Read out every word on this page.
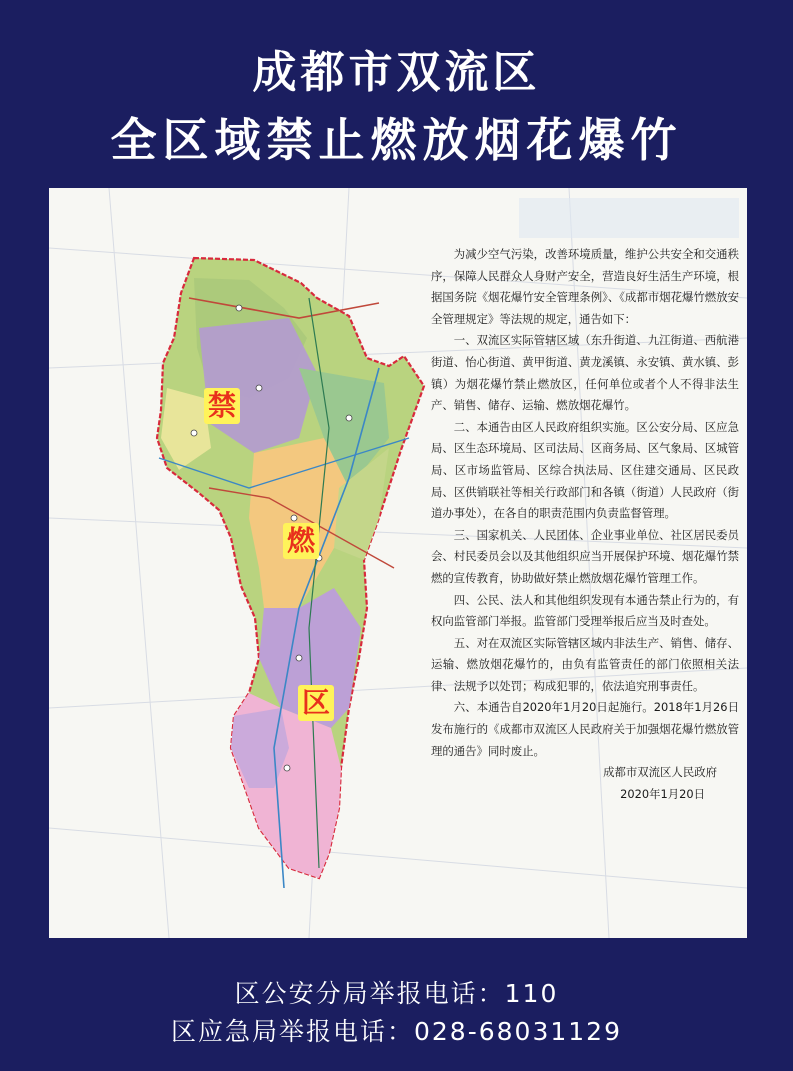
成都市双流区
全区域禁止燃放烟花爆竹
禁
燃
区

为减少空气污染，改善环境质量，维护公共安全和交通秩序，保障人民群众人身财产安全，营造良好生活生产环境，根据国务院《烟花爆竹安全管理条例》、《成都市烟花爆竹燃放安全管理规定》等法规的规定，通告如下：

一、双流区实际管辖区域（东升街道、九江街道、西航港街道、怡心街道、黄甲街道、黄龙溪镇、永安镇、黄水镇、彭镇）为烟花爆竹禁止燃放区，任何单位或者个人不得非法生产、销售、储存、运输、燃放烟花爆竹。

二、本通告由区人民政府组织实施。区公安分局、区应急局、区生态环境局、区司法局、区商务局、区气象局、区城管局、区市场监管局、区综合执法局、区住建交通局、区民政局、区供销联社等相关行政部门和各镇（街道）人民政府（街道办事处），在各自的职责范围内负责监督管理。

三、国家机关、人民团体、企业事业单位、社区居民委员会、村民委员会以及其他组织应当开展保护环境、烟花爆竹禁燃的宣传教育，协助做好禁止燃放烟花爆竹管理工作。

四、公民、法人和其他组织发现有本通告禁止行为的，有权向监管部门举报。监管部门受理举报后应当及时查处。

五、对在双流区实际管辖区域内非法生产、销售、储存、运输、燃放烟花爆竹的，由负有监管责任的部门依照相关法律、法规予以处罚；构成犯罪的，依法追究刑事责任。

六、本通告自2020年1月20日起施行。2018年1月26日发布施行的《成都市双流区人民政府关于加强烟花爆竹燃放管理的通告》同时废止。

成都市双流区人民政府

2020年1月20日

区公安分局举报电话：110
区应急局举报电话：028-68031129
